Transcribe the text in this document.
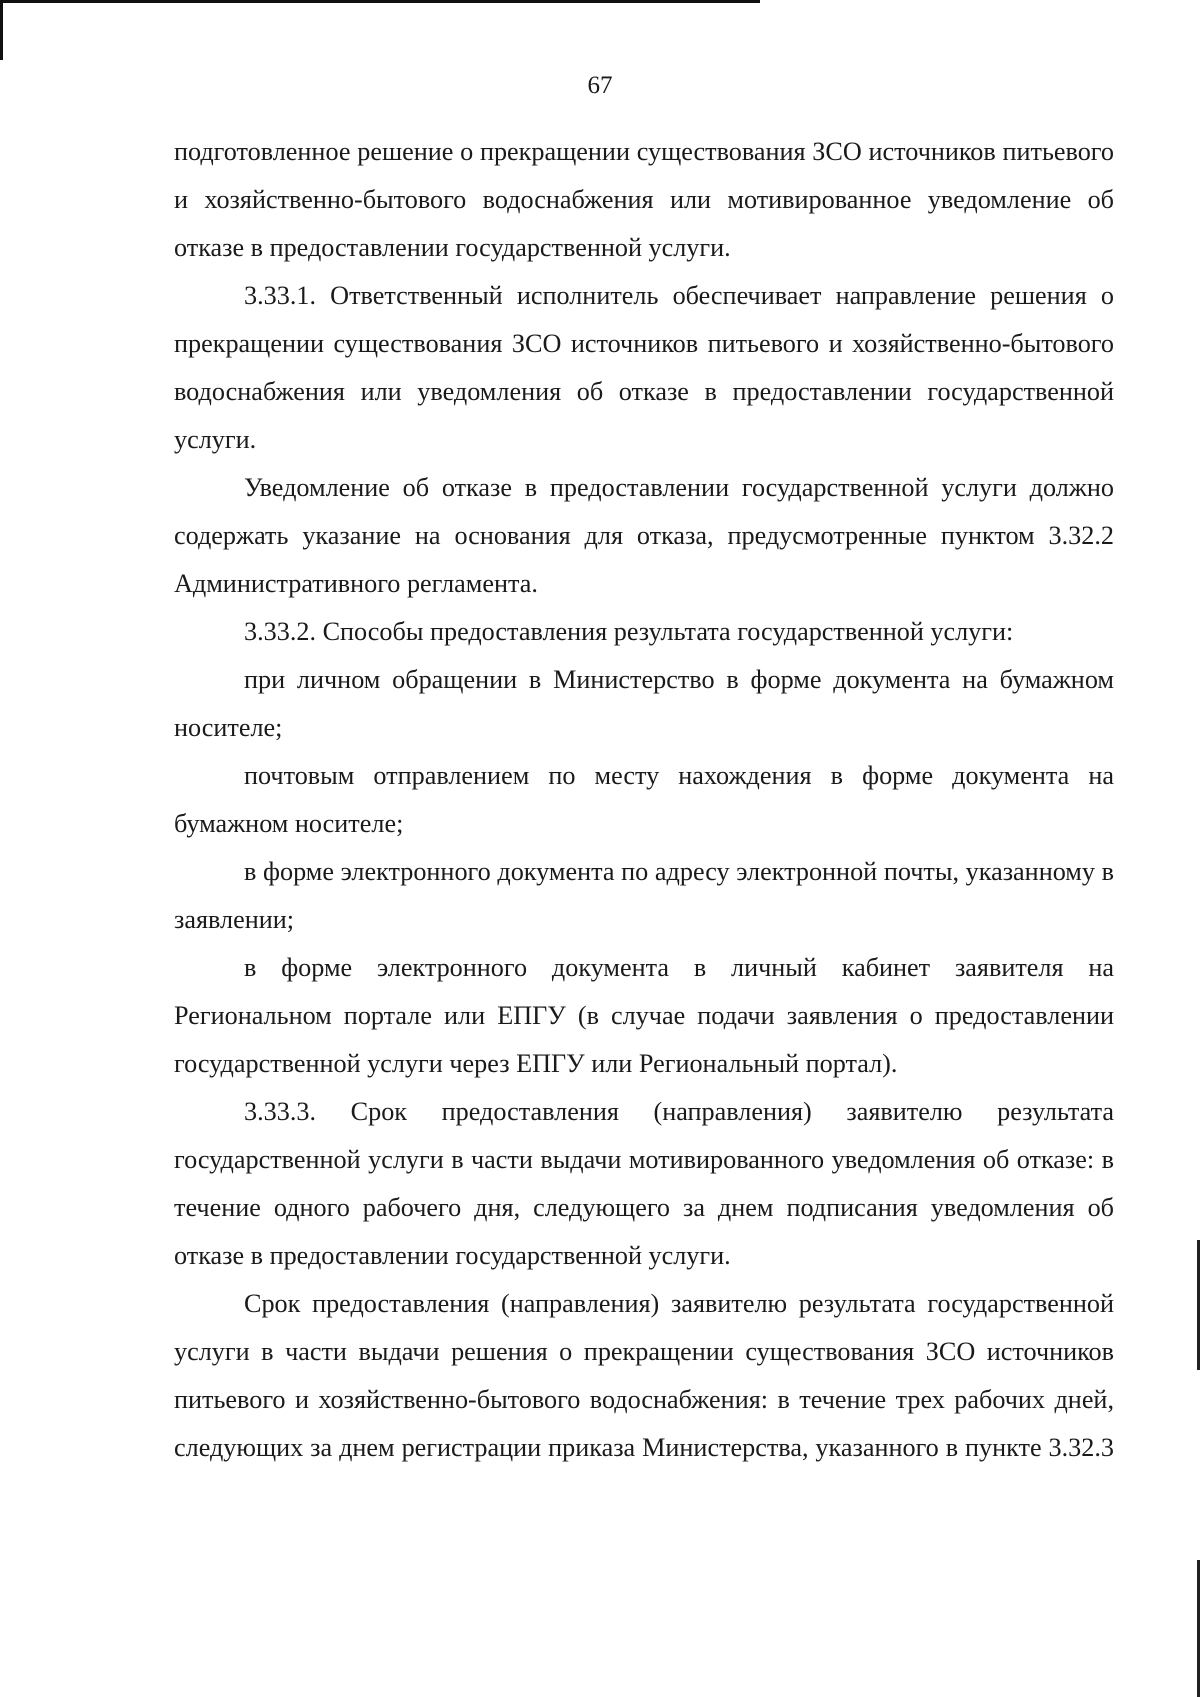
67

подготовленное решение о прекращении существования ЗСО источников питьевого и хозяйственно-бытового водоснабжения или мотивированное уведомление об отказе в предоставлении государственной услуги.

3.33.1. Ответственный исполнитель обеспечивает направление решения о прекращении существования ЗСО источников питьевого и хозяйственно-бытового водоснабжения или уведомления об отказе в предоставлении государственной услуги.

Уведомление об отказе в предоставлении государственной услуги должно содержать указание на основания для отказа, предусмотренные пунктом 3.32.2 Административного регламента.

3.33.2. Способы предоставления результата государственной услуги:

при личном обращении в Министерство в форме документа на бумажном носителе;

почтовым отправлением по месту нахождения в форме документа на бумажном носителе;

в форме электронного документа по адресу электронной почты, указанному в заявлении;

в форме электронного документа в личный кабинет заявителя на Региональном портале или ЕПГУ (в случае подачи заявления о предоставлении государственной услуги через ЕПГУ или Региональный портал).

3.33.3. Срок предоставления (направления) заявителю результата государственной услуги в части выдачи мотивированного уведомления об отказе: в течение одного рабочего дня, следующего за днем подписания уведомления об отказе в предоставлении государственной услуги.

Срок предоставления (направления) заявителю результата государственной услуги в части выдачи решения о прекращении существования ЗСО источников питьевого и хозяйственно-бытового водоснабжения: в течение трех рабочих дней, следующих за днем регистрации приказа Министерства, указанного в пункте 3.32.3
